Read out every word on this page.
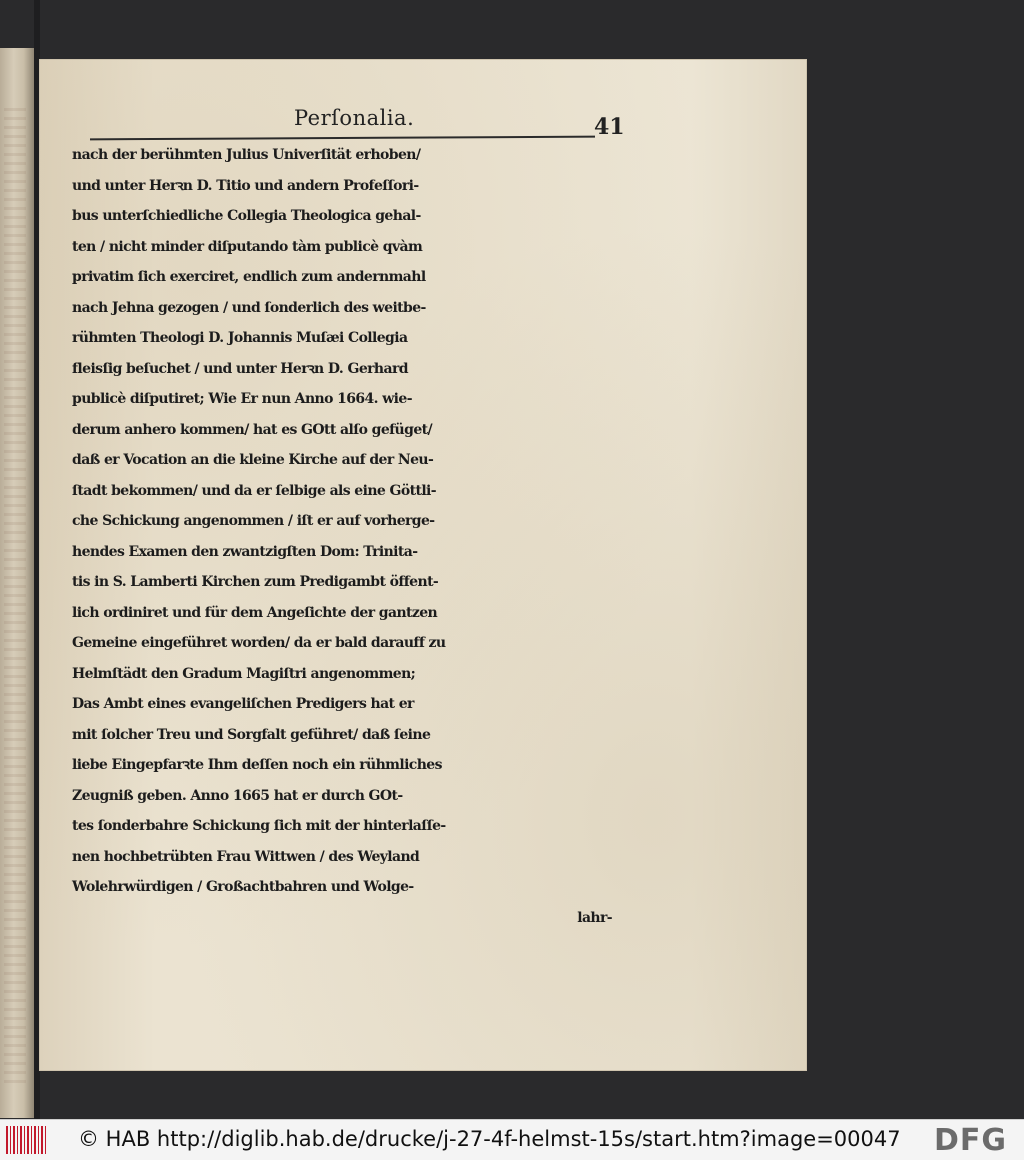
Perſonalia.	41
nach der berühmten Julius Univerſität erhoben/
und unter Herꝛn D. Titio und andern Profeſſori-
bus unterſchiedliche Collegia Theologica gehal-
ten / nicht minder diſputando tàm publicè qvàm
privatim ſich exerciret, endlich zum andernmahl
nach Jehna gezogen / und ſonderlich des weitbe-
rühmten Theologi D. Johannis Muſæi Collegia
fleisſig beſuchet / und unter Herꝛn D. Gerhard
publicè diſputiret; Wie Er nun Anno 1664. wie-
derum anhero kommen/ hat es GOtt alſo gefüget/
daß er Vocation an die kleine Kirche auf der Neu-
ſtadt bekommen/ und da er ſelbige als eine Göttli-
che Schickung angenommen / iſt er auf vorherge-
hendes Examen den zwantzigſten Dom: Trinita-
tis in S. Lamberti Kirchen zum Predigambt öffent-
lich ordiniret und für dem Angeſichte der gantzen
Gemeine eingeführet worden/ da er bald darauff zu
Helmſtädt den Gradum Magiſtri angenommen;
Das Ambt eines evangeliſchen Predigers hat er
mit ſolcher Treu und Sorgfalt geführet/ daß ſeine
liebe Eingepfarꝛte Ihm deſſen noch ein rühmliches
Zeugniß geben. Anno 1665 hat er durch GOt-
tes ſonderbahre Schickung ſich mit der hinterlaſſe-
nen hochbetrübten Frau Wittwen / des Weyland
Wolehrwürdigen / Großachtbahren und Wolge-
lahr-
© HAB http://diglib.hab.de/drucke/j-27-4f-helmst-15s/start.htm?image=00047 DFG
